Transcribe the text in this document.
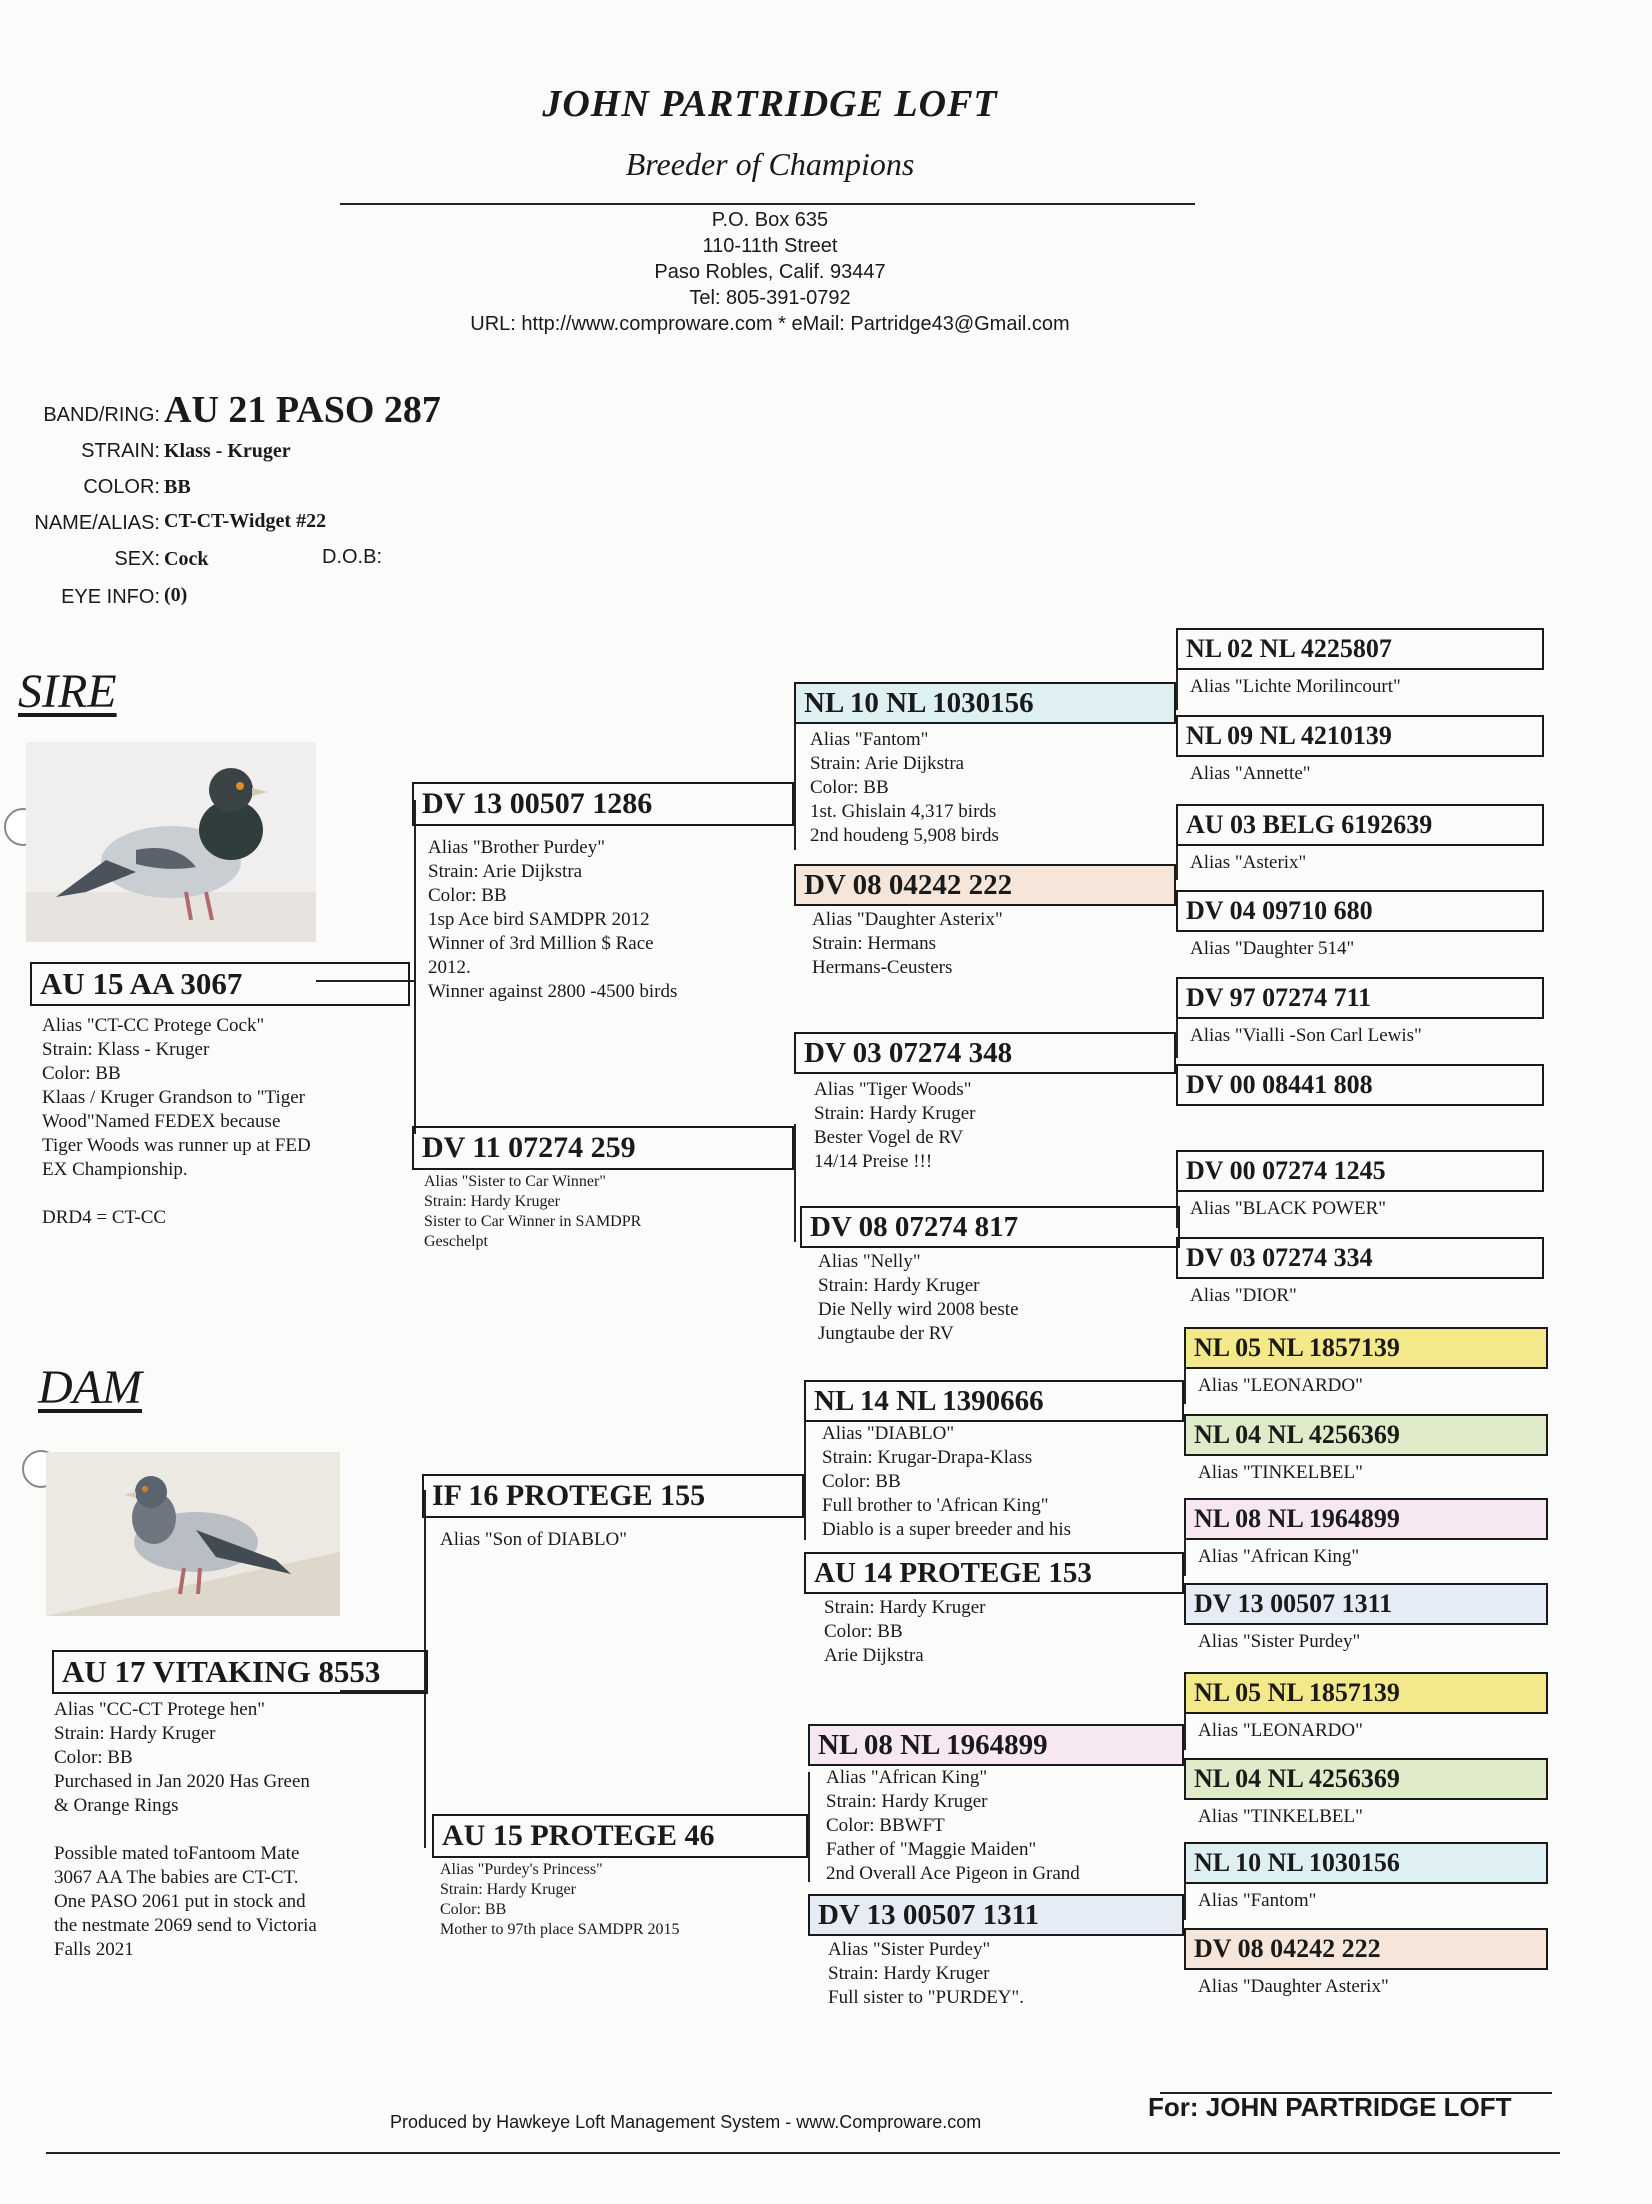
JOHN PARTRIDGE LOFT
Breeder of Champions
P.O. Box 635
110-11th Street
Paso Robles, Calif. 93447
Tel: 805-391-0792
URL: http://www.comproware.com * eMail: Partridge43@Gmail.com
BAND/RING: AU 21 PASO 287
STRAIN: Klass - Kruger
COLOR: BB
NAME/ALIAS: CT-CT-Widget #22
SEX: Cock	D.O.B:
EYE INFO: (0)
SIRE
DAM
AU 15 AA 3067
Alias "CT-CC Protege Cock"
Strain: Klass - Kruger
Color: BB
Klaas / Kruger Grandson to "Tiger
Wood"Named FEDEX because
Tiger Woods was runner up at FED
EX Championship.
DRD4 = CT-CC
AU 17 VITAKING 8553
Alias "CC-CT Protege hen"
Strain: Hardy Kruger
Color: BB
Purchased in Jan 2020 Has Green
& Orange Rings
Possible mated toFantoom Mate
3067 AA The babies are CT-CT.
One PASO 2061 put in stock and
the nestmate 2069 send to Victoria
Falls 2021
DV 13 00507 1286
Alias "Brother Purdey"
Strain: Arie Dijkstra
Color: BB
1sp Ace bird SAMDPR 2012
Winner of 3rd Million $ Race
2012.
Winner against 2800 -4500 birds
DV 11 07274 259
Alias "Sister to Car Winner"
Strain: Hardy Kruger
Sister to Car Winner in SAMDPR
Geschelpt
IF 16 PROTEGE 155
Alias "Son of DIABLO"
AU 15 PROTEGE 46
Alias "Purdey's Princess"
Strain: Hardy Kruger
Color: BB
Mother to 97th place SAMDPR 2015
NL 10 NL 1030156
Alias "Fantom"
Strain: Arie Dijkstra
Color: BB
1st. Ghislain 4,317 birds
2nd houdeng 5,908 birds
DV 08 04242 222
Alias "Daughter Asterix"
Strain: Hermans
Hermans-Ceusters
DV 03 07274 348
Alias "Tiger Woods"
Strain: Hardy Kruger
Bester Vogel de RV
14/14 Preise !!!
DV 08 07274 817
Alias "Nelly"
Strain: Hardy Kruger
Die Nelly wird 2008 beste
Jungtaube der RV
NL 14 NL 1390666
Alias "DIABLO"
Strain: Krugar-Drapa-Klass
Color: BB
Full brother to 'African King"
Diablo is a super breeder and his
AU 14 PROTEGE 153
Strain: Hardy Kruger
Color: BB
Arie Dijkstra
NL 08 NL 1964899
Alias "African King"
Strain: Hardy Kruger
Color: BBWFT
Father of "Maggie Maiden"
2nd Overall Ace Pigeon in Grand
DV 13 00507 1311
Alias "Sister Purdey"
Strain: Hardy Kruger
Full sister to "PURDEY".
NL 02 NL 4225807
Alias "Lichte Morilincourt"
NL 09 NL 4210139
Alias "Annette"
AU 03 BELG 6192639
Alias "Asterix"
DV 04 09710 680
Alias "Daughter 514"
DV 97 07274 711
Alias "Vialli -Son Carl Lewis"
DV 00 08441 808
DV 00 07274 1245
Alias "BLACK POWER"
DV 03 07274 334
Alias "DIOR"
NL 05 NL 1857139
Alias "LEONARDO"
NL 04 NL 4256369
Alias "TINKELBEL"
NL 08 NL 1964899
Alias "African King"
DV 13 00507 1311
Alias "Sister Purdey"
NL 05 NL 1857139
Alias "LEONARDO"
NL 04 NL 4256369
Alias "TINKELBEL"
NL 10 NL 1030156
Alias "Fantom"
DV 08 04242 222
Alias "Daughter Asterix"
Produced by Hawkeye Loft Management System - www.Comproware.com	For: JOHN PARTRIDGE LOFT
